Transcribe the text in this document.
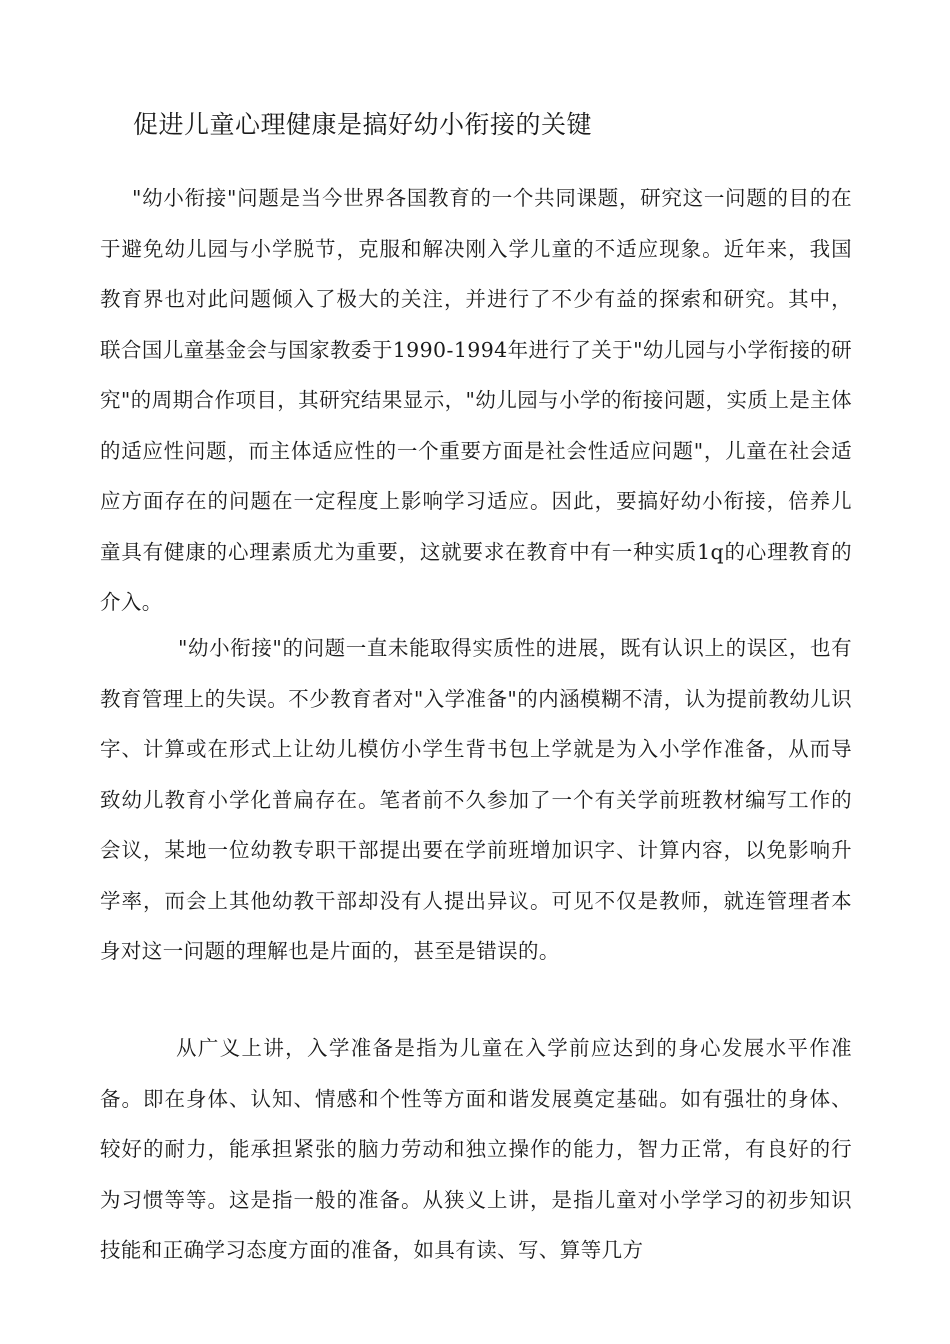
促进儿童心理健康是搞好幼小衔接的关键

"幼小衔接"问题是当今世界各国教育的一个共同课题，研究这一问题的目的在于避免幼儿园与小学脱节，克服和解决刚入学儿童的不适应现象。近年来，我国教育界也对此问题倾入了极大的关注，并进行了不少有益的探索和研究。其中，联合国儿童基金会与国家教委于1990-1994年进行了关于"幼儿园与小学衔接的研究"的周期合作项目，其研究结果显示，"幼儿园与小学的衔接问题，实质上是主体的适应性问题，而主体适应性的一个重要方面是社会性适应问题"，儿童在社会适应方面存在的问题在一定程度上影响学习适应。因此，要搞好幼小衔接，倍养儿童具有健康的心理素质尤为重要，这就要求在教育中有一种实质1q的心理教育的介入。

"幼小衔接"的问题一直未能取得实质性的进展，既有认识上的误区，也有教育管理上的失误。不少教育者对"入学准备"的内涵模糊不清，认为提前教幼儿识字、计算或在形式上让幼儿模仿小学生背书包上学就是为入小学作准备，从而导致幼儿教育小学化普扁存在。笔者前不久参加了一个有关学前班教材编写工作的会议，某地一位幼教专职干部提出要在学前班增加识字、计算内容，以免影响升学率，而会上其他幼教干部却没有人提出异议。可见不仅是教师，就连管理者本身对这一问题的理解也是片面的，甚至是错误的。

从广义上讲，入学准备是指为儿童在入学前应达到的身心发展水平作准备。即在身体、认知、情感和个性等方面和谐发展奠定基础。如有强壮的身体、较好的耐力，能承担紧张的脑力劳动和独立操作的能力，智力正常，有良好的行为习惯等等。这是指一般的准备。从狭义上讲，是指儿童对小学学习的初步知识技能和正确学习态度方面的准备，如具有读、写、算等几方
